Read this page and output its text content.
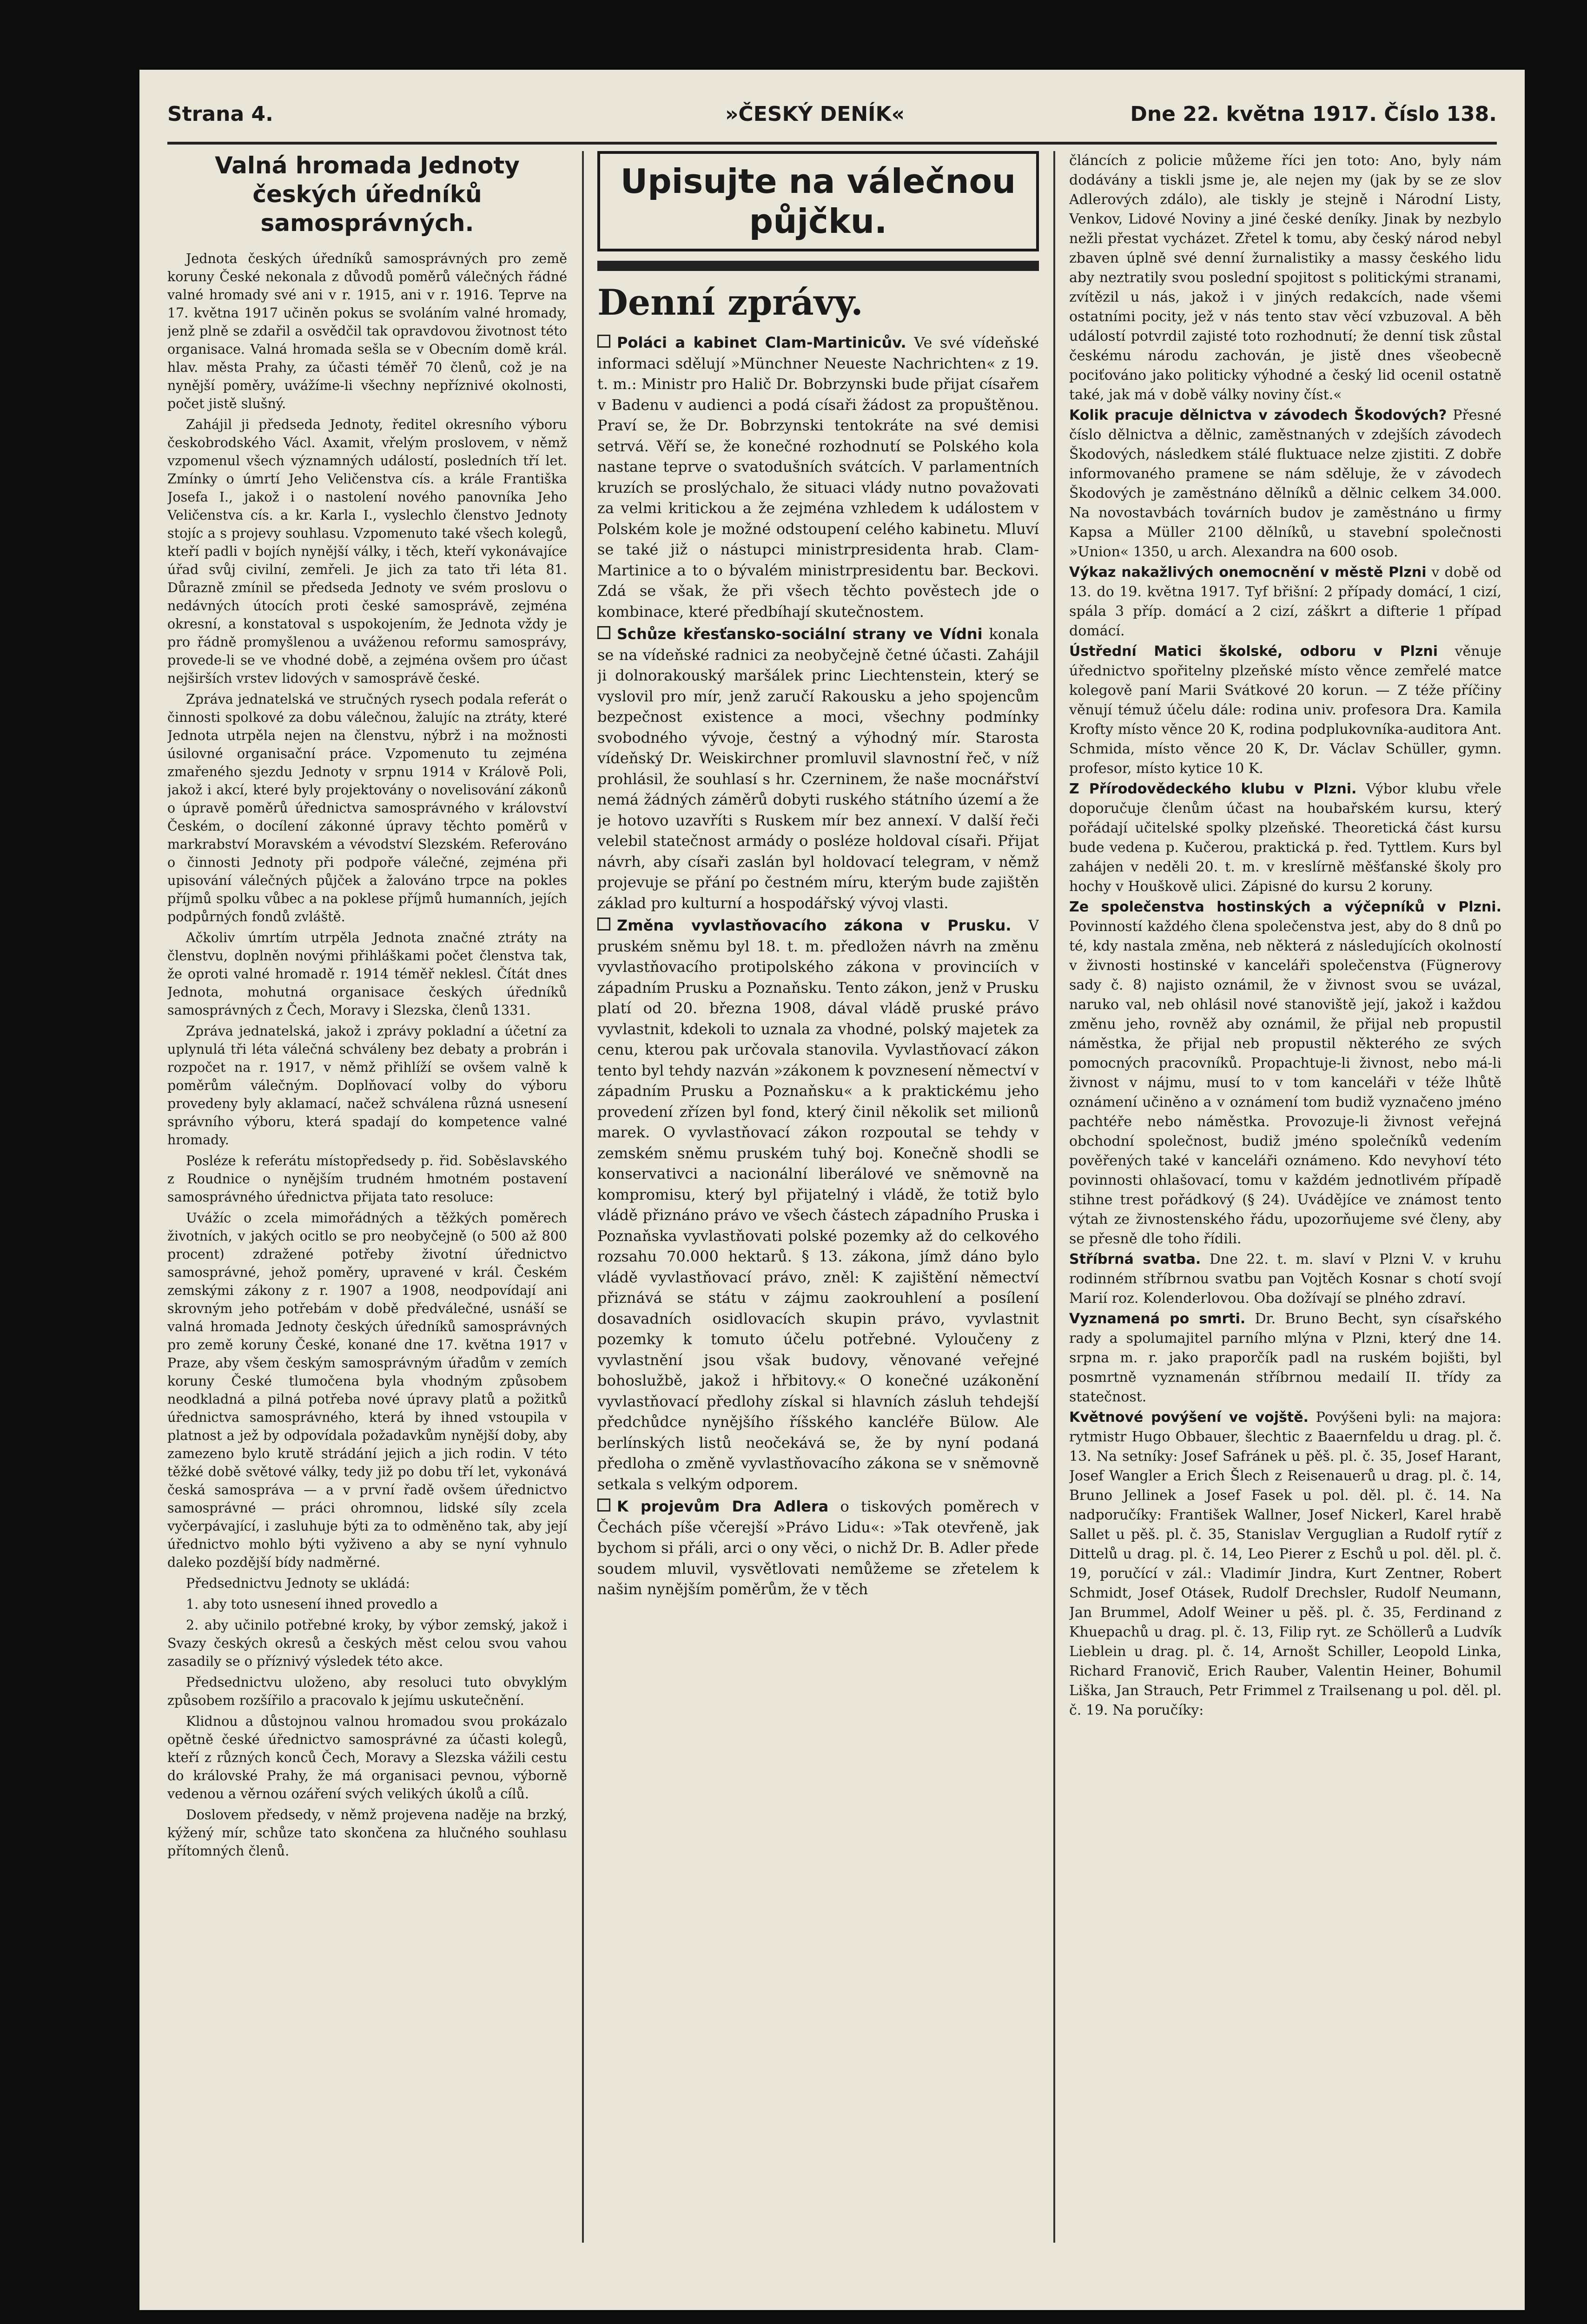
Strana 4.	»ČESKÝ DENÍK«	Dne 22. května 1917. Číslo 138.
Valná hromada Jednoty českých úředníků samosprávných.

Jednota českých úředníků samosprávných pro země koruny České nekonala z důvodů poměrů válečných řádné valné hromady své ani v r. 1915, ani v r. 1916. Teprve na 17. května 1917 učiněn pokus se svoláním valné hromady, jenž plně se zdařil a osvědčil tak opravdovou životnost této organisace. Valná hromada sešla se v Obecním domě král. hlav. města Prahy, za účasti téměř 70 členů, což je na nynější poměry, uvážíme-li všechny nepříznivé okolnosti, počet jistě slušný.

Zahájil ji předseda Jednoty, ředitel okresního výboru českobrodského Václ. Axamit, vřelým proslovem, v němž vzpomenul všech významných událostí, posledních tří let. Zmínky o úmrtí Jeho Veličenstva cís. a krále Františka Josefa I., jakož i o nastolení nového panovníka Jeho Veličenstva cís. a kr. Karla I., vyslechlo členstvo Jednoty stojíc a s projevy souhlasu. Vzpomenuto také všech kolegů, kteří padli v bojích nynější války, i těch, kteří vykonávajíce úřad svůj civilní, zemřeli. Je jich za tato tři léta 81. Důrazně zmínil se předseda Jednoty ve svém proslovu o nedávných útocích proti české samosprávě, zejména okresní, a konstatoval s uspokojením, že Jednota vždy je pro řádně promyšlenou a uváženou reformu samosprávy, provede-li se ve vhodné době, a zejména ovšem pro účast nejširších vrstev lidových v samosprávě české.

Zpráva jednatelská ve stručných rysech podala referát o činnosti spolkové za dobu válečnou, žalujíc na ztráty, které Jednota utrpěla nejen na členstvu, nýbrž i na možnosti úsilovné organisační práce. Vzpomenuto tu zejména zmařeného sjezdu Jednoty v srpnu 1914 v Králově Poli, jakož i akcí, které byly projektovány o novelisování zákonů o úpravě poměrů úřednictva samosprávného v království Českém, o docílení zákonné úpravy těchto poměrů v markrabství Moravském a vévodství Slezském. Referováno o činnosti Jednoty při podpoře válečné, zejména při upisování válečných půjček a žalováno trpce na pokles příjmů spolku vůbec a na poklese příjmů humanních, jejích podpůrných fondů zvláště.

Ačkoliv úmrtím utrpěla Jednota značné ztráty na členstvu, doplněn novými přihláškami počet členstva tak, že oproti valné hromadě r. 1914 téměř neklesl. Čítát dnes Jednota, mohutná organisace českých úředníků samosprávných z Čech, Moravy i Slezska, členů 1331.

Zpráva jednatelská, jakož i zprávy pokladní a účetní za uplynulá tři léta válečná schváleny bez debaty a probrán i rozpočet na r. 1917, v němž přihlíží se ovšem valně k poměrům válečným. Doplňovací volby do výboru provedeny byly aklamací, načež schválena různá usnesení správního výboru, která spadají do kompetence valné hromady.

Posléze k referátu místopředsedy p. řid. Soběslavského z Roudnice o nynějším trudném hmotném postavení samosprávného úřednictva přijata tato resoluce:

Uvážíc o zcela mimořádných a těžkých poměrech životních, v jakých ocitlo se pro neobyčejně (o 500 až 800 procent) zdražené potřeby životní úřednictvo samosprávné, jehož poměry, upravené v král. Českém zemskými zákony z r. 1907 a 1908, neodpovídají ani skrovným jeho potřebám v době předválečné, usnáší se valná hromada Jednoty českých úředníků samosprávných pro země koruny České, konané dne 17. května 1917 v Praze, aby všem českým samosprávným úřadům v zemích koruny České tlumočena byla vhodným způsobem neodkladná a pilná potřeba nové úpravy platů a požitků úřednictva samosprávného, která by ihned vstoupila v platnost a jež by odpovídala požadavkům nynější doby, aby zamezeno bylo krutě strádání jejich a jich rodin. V této těžké době světové války, tedy již po dobu tří let, vykonává česká samospráva — a v první řadě ovšem úřednictvo samosprávné — práci ohromnou, lidské síly zcela vyčerpávající, i zasluhuje býti za to odměněno tak, aby její úřednictvo mohlo býti vyživeno a aby se nyní vyhnulo daleko pozdější bídy nadměrné.

Předsednictvu Jednoty se ukládá:

1. aby toto usnesení ihned provedlo a

2. aby učinilo potřebné kroky, by výbor zemský, jakož i Svazy českých okresů a českých měst celou svou vahou zasadily se o příznivý výsledek této akce.

Předsednictvu uloženo, aby resoluci tuto obvyklým způsobem rozšířilo a pracovalo k jejímu uskutečnění.

Klidnou a důstojnou valnou hromadou svou prokázalo opětně české úřednictvo samosprávné za účasti kolegů, kteří z různých konců Čech, Moravy a Slezska vážili cestu do královské Prahy, že má organisaci pevnou, výborně vedenou a věrnou ozáření svých velikých úkolů a cílů.

Doslovem předsedy, v němž projevena naděje na brzký, kýžený mír, schůze tato skončena za hlučného souhlasu přítomných členů.

Upisujte na válečnou půjčku.
Denní zprávy.

Poláci a kabinet Clam-Martinicův. Ve své vídeňské informaci sdělují »Münchner Neueste Nachrichten« z 19. t. m.: Ministr pro Halič Dr. Bobrzynski bude přijat císařem v Badenu v audienci a podá císaři žádost za propuštěnou. Praví se, že Dr. Bobrzynski tentokráte na své demisi setrvá. Věří se, že konečné rozhodnutí se Polského kola nastane teprve o svatodušních svátcích. V parlamentních kruzích se proslýchalo, že situaci vlády nutno považovati za velmi kritickou a že zejména vzhledem k událostem v Polském kole je možné odstoupení celého kabinetu. Mluví se také již o nástupci ministrpresidenta hrab. Clam-Martinice a to o bývalém ministrpresidentu bar. Beckovi. Zdá se však, že při všech těchto pověstech jde o kombinace, které předbíhají skutečnostem.

Schůze křesťansko-sociální strany ve Vídni konala se na vídeňské radnici za neobyčejně četné účasti. Zahájil ji dolnorakouský maršálek princ Liechtenstein, který se vyslovil pro mír, jenž zaručí Rakousku a jeho spojencům bezpečnost existence a moci, všechny podmínky svobodného vývoje, čestný a výhodný mír. Starosta vídeňský Dr. Weiskirchner promluvil slavnostní řeč, v níž prohlásil, že souhlasí s hr. Czerninem, že naše mocnářství nemá žádných záměrů dobyti ruského státního území a že je hotovo uzavříti s Ruskem mír bez annexí. V další řeči velebil statečnost armády o posléze holdoval císaři. Přijat návrh, aby císaři zaslán byl holdovací telegram, v němž projevuje se přání po čestném míru, kterým bude zajištěn základ pro kulturní a hospodářský vývoj vlasti.

Změna vyvlastňovacího zákona v Prusku. V pruském sněmu byl 18. t. m. předložen návrh na změnu vyvlastňovacího protipolského zákona v provinciích v západním Prusku a Poznaňsku. Tento zákon, jenž v Prusku platí od 20. března 1908, dával vládě pruské právo vyvlastnit, kdekoli to uznala za vhodné, polský majetek za cenu, kterou pak určovala stanovila. Vyvlastňovací zákon tento byl tehdy nazván »zákonem k povznesení němectví v západním Prusku a Poznaňsku« a k praktickému jeho provedení zřízen byl fond, který činil několik set milionů marek. O vyvlastňovací zákon rozpoutal se tehdy v zemském sněmu pruském tuhý boj. Konečně shodli se konservativci a nacionální liberálové ve sněmovně na kompromisu, který byl přijatelný i vládě, že totiž bylo vládě přiznáno právo ve všech částech západního Pruska i Poznaňska vyvlastňovati polské pozemky až do celkového rozsahu 70.000 hektarů. § 13. zákona, jímž dáno bylo vládě vyvlastňovací právo, zněl: K zajištění němectví přiznává se státu v zájmu zaokrouhlení a posílení dosavadních osidlovacích skupin právo, vyvlastnit pozemky k tomuto účelu potřebné. Vyloučeny z vyvlastnění jsou však budovy, věnované veřejné bohoslužbě, jakož i hřbitovy.« O konečné uzákonění vyvlastňovací předlohy získal si hlavních zásluh tehdejší předchůdce nynějšího říšského kancléře Bülow. Ale berlínských listů neočekává se, že by nyní podaná předloha o změně vyvlastňovacího zákona se v sněmovně setkala s velkým odporem.

K projevům Dra Adlera o tiskových poměrech v Čechách píše včerejší »Právo Lidu«: »Tak otevřeně, jak bychom si přáli, arci o ony věci, o nichž Dr. B. Adler přede soudem mluvil, vysvětlovati nemůžeme se zřetelem k našim nynějším poměrům, že v těch

článcích z policie můžeme říci jen toto: Ano, byly nám dodávány a tiskli jsme je, ale nejen my (jak by se ze slov Adlerových zdálo), ale tiskly je stejně i Národní Listy, Venkov, Lidové Noviny a jiné české deníky. Jinak by nezbylo nežli přestat vycházet. Zřetel k tomu, aby český národ nebyl zbaven úplně své denní žurnalistiky a massy českého lidu aby neztratily svou poslední spojitost s politickými stranami, zvítězil u nás, jakož i v jiných redakcích, nade všemi ostatními pocity, jež v nás tento stav věcí vzbuzoval. A běh událostí potvrdil zajisté toto rozhodnutí; že denní tisk zůstal českému národu zachován, je jistě dnes všeobecně pociťováno jako politicky výhodné a český lid ocenil ostatně také, jak má v době války noviny číst.«

Kolik pracuje dělnictva v závodech Škodových? Přesné číslo dělnictva a dělnic, zaměstnaných v zdejších závodech Škodových, následkem stálé fluktuace nelze zjistiti. Z dobře informovaného pramene se nám sděluje, že v závodech Škodových je zaměstnáno dělníků a dělnic celkem 34.000. Na novostavbách továrních budov je zaměstnáno u firmy Kapsa a Müller 2100 dělníků, u stavební společnosti »Union« 1350, u arch. Alexandra na 600 osob.

Výkaz nakažlivých onemocnění v městě Plzni v době od 13. do 19. května 1917. Tyf břišní: 2 případy domácí, 1 cizí, spála 3 příp. domácí a 2 cizí, záškrt a difterie 1 případ domácí.

Ústřední Matici školské, odboru v Plzni věnuje úřednictvo spořitelny plzeňské místo věnce zemřelé matce kolegově paní Marii Svátkové 20 korun. — Z téže příčiny věnují témuž účelu dále: rodina univ. profesora Dra. Kamila Krofty místo věnce 20 K, rodina podplukovníka-auditora Ant. Schmida, místo věnce 20 K, Dr. Václav Schüller, gymn. profesor, místo kytice 10 K.

Z Přírodovědeckého klubu v Plzni. Výbor klubu vřele doporučuje členům účast na houbařském kursu, který pořádají učitelské spolky plzeňské. Theoretická část kursu bude vedena p. Kučerou, praktická p. řed. Tyttlem. Kurs byl zahájen v neděli 20. t. m. v kreslírně měšťanské školy pro hochy v Houškově ulici. Zápisné do kursu 2 koruny.

Ze společenstva hostinských a výčepníků v Plzni. Povinností každého člena společenstva jest, aby do 8 dnů po té, kdy nastala změna, neb některá z následujících okolností v živnosti hostinské v kanceláři společenstva (Fügnerovy sady č. 8) najisto oznámil, že v živnost svou se uvázal, naruko val, neb ohlásil nové stanoviště její, jakož i každou změnu jeho, rovněž aby oznámil, že přijal neb propustil náměstka, že přijal neb propustil některého ze svých pomocných pracovníků. Propachtuje-li živnost, nebo má-li živnost v nájmu, musí to v tom kanceláři v téže lhůtě oznámení učiněno a v oznámení tom budiž vyznačeno jméno pachtéře nebo náměstka. Provozuje-li živnost veřejná obchodní společnost, budiž jméno společníků vedením pověřených také v kanceláři oznámeno. Kdo nevyhoví této povinnosti ohlašovací, tomu v každém jednotlivém případě stihne trest pořádkový (§ 24). Uvádějíce ve známost tento výtah ze živnostenského řádu, upozorňujeme své členy, aby se přesně dle toho řídili.

Stříbrná svatba. Dne 22. t. m. slaví v Plzni V. v kruhu rodinném stříbrnou svatbu pan Vojtěch Kosnar s chotí svojí Marií roz. Kolenderlovou. Oba dožívají se plného zdraví.

Vyznamená po smrti. Dr. Bruno Becht, syn císařského rady a spolumajitel parního mlýna v Plzni, který dne 14. srpna m. r. jako praporčík padl na ruském bojišti, byl posmrtně vyznamenán stříbrnou medailí II. třídy za statečnost.

Květnové povýšení ve vojště. Povýšeni byli: na majora: rytmistr Hugo Obbauer, šlechtic z Baaernfeldu u drag. pl. č. 13. Na setníky: Josef Safránek u pěš. pl. č. 35, Josef Harant, Josef Wangler a Erich Šlech z Reisenauerů u drag. pl. č. 14, Bruno Jellinek a Josef Fasek u pol. děl. pl. č. 14. Na nadporučíky: František Wallner, Josef Nickerl, Karel hrabě Sallet u pěš. pl. č. 35, Stanislav Verguglian a Rudolf rytíř z Dittelů u drag. pl. č. 14, Leo Pierer z Eschů u pol. děl. pl. č. 19, poručící v zál.: Vladimír Jindra, Kurt Zentner, Robert Schmidt, Josef Otásek, Rudolf Drechsler, Rudolf Neumann, Jan Brummel, Adolf Weiner u pěš. pl. č. 35, Ferdinand z Khuepachů u drag. pl. č. 13, Filip ryt. ze Schöllerů a Ludvík Lieblein u drag. pl. č. 14, Arnošt Schiller, Leopold Linka, Richard Franovič, Erich Rauber, Valentin Heiner, Bohumil Liška, Jan Strauch, Petr Frimmel z Trailsenang u pol. děl. pl. č. 19. Na poručíky:
